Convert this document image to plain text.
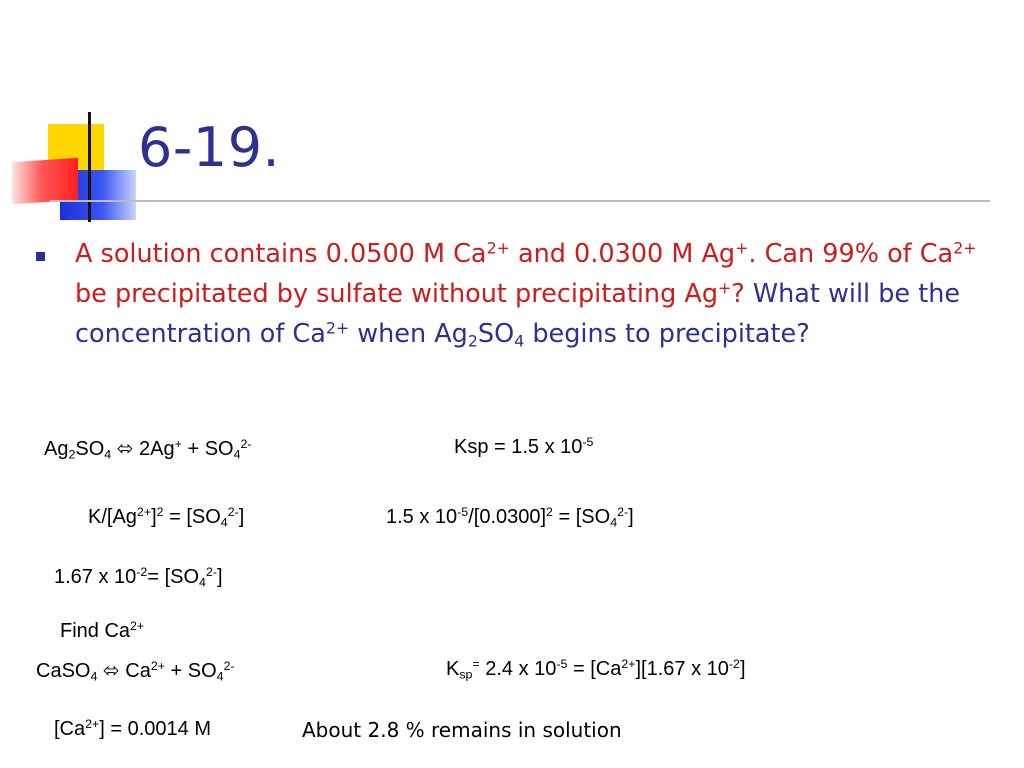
6-19.
A solution contains 0.0500 M $Ca^{2+}$ and 0.0300 M Ag+. Can 99% of $Ca^{2+}$ be precipitated by sulfate without precipitating Ag+? What will be the concentration of $Ca^{2+}$ when $Ag_2SO_4$ begins to precipitate?
$Ag_2SO_4$ ⬄ $2Ag^+ + SO_4^{2-}$	Ksp = 1.5 x $10^{-5}$
$K/[Ag^{2+}]^2 = [SO_4^{2-}]$	1.5 x $10^{-5}/[0.0300]^2 = [SO_4^{2-}]$
1.67 x $10^{-2}= [SO_4^{2-}]$
Find $Ca^{2+}$
CaSO$_4$ ⬄ $Ca^{2+} + SO_4^{2-}$	$K_{sp}^=$ 2.4 x $10^{-5} = [Ca^{2+}][1.67$ x $10^{-2}$]
$[Ca^{2+}] = 0.0014$ M	About 2.8 % remains in solution
